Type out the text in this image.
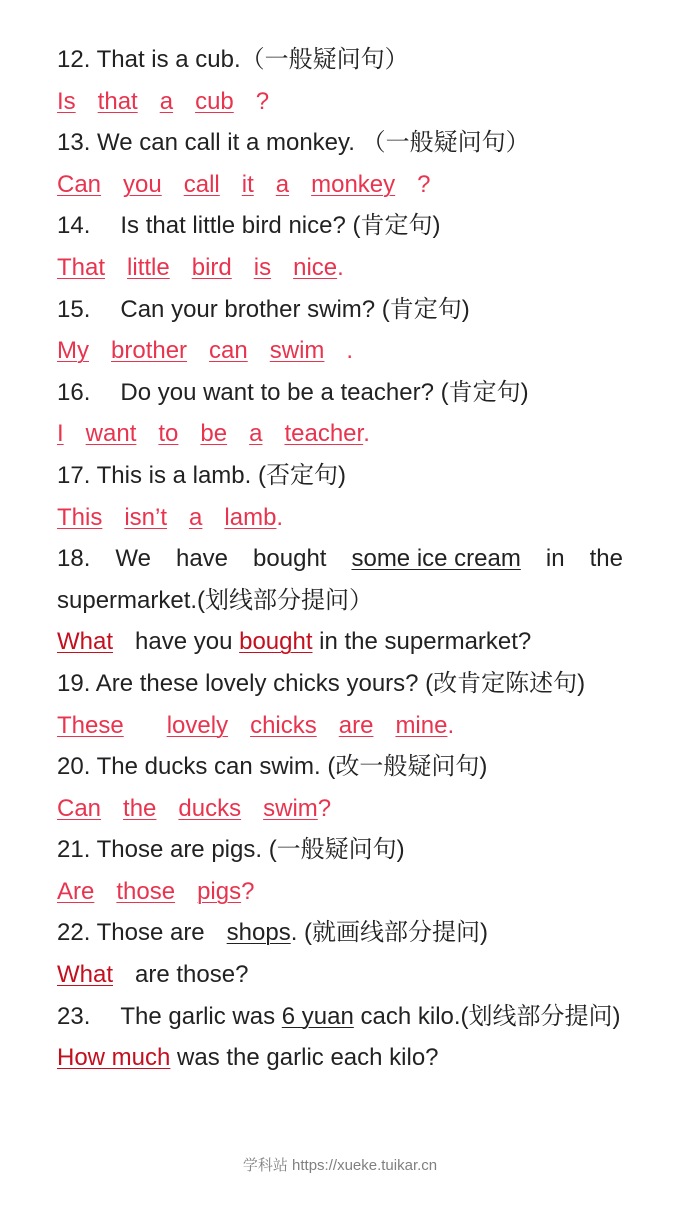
12. That is a cub.（一般疑问句）
Is that a cub ?
13. We can call it a monkey. （一般疑问句）
Can you call it a monkey ?
14. Is that little bird nice? (肯定句)
That little bird is nice.
15. Can your brother swim? (肯定句)
My brother can swim .
16. Do you want to be a teacher? (肯定句)
I want to be a teacher.
17. This is a lamb. (否定句)
This isn’t a lamb.
18. We have bought some ice cream in the
supermarket.(划线部分提问）
What have you bought in the supermarket?
19. Are these lovely chicks yours? (改肯定陈述句)
These lovely chicks are mine.
20. The ducks can swim. (改一般疑问句)
Can the ducks swim?
21. Those are pigs. (一般疑问句)
Are those pigs?
22. Those are shops. (就画线部分提问)
What are those?
23. The garlic was 6 yuan cach kilo.(划线部分提问)
How much was the garlic each kilo?
学科站 https://xueke.tuikar.cn
